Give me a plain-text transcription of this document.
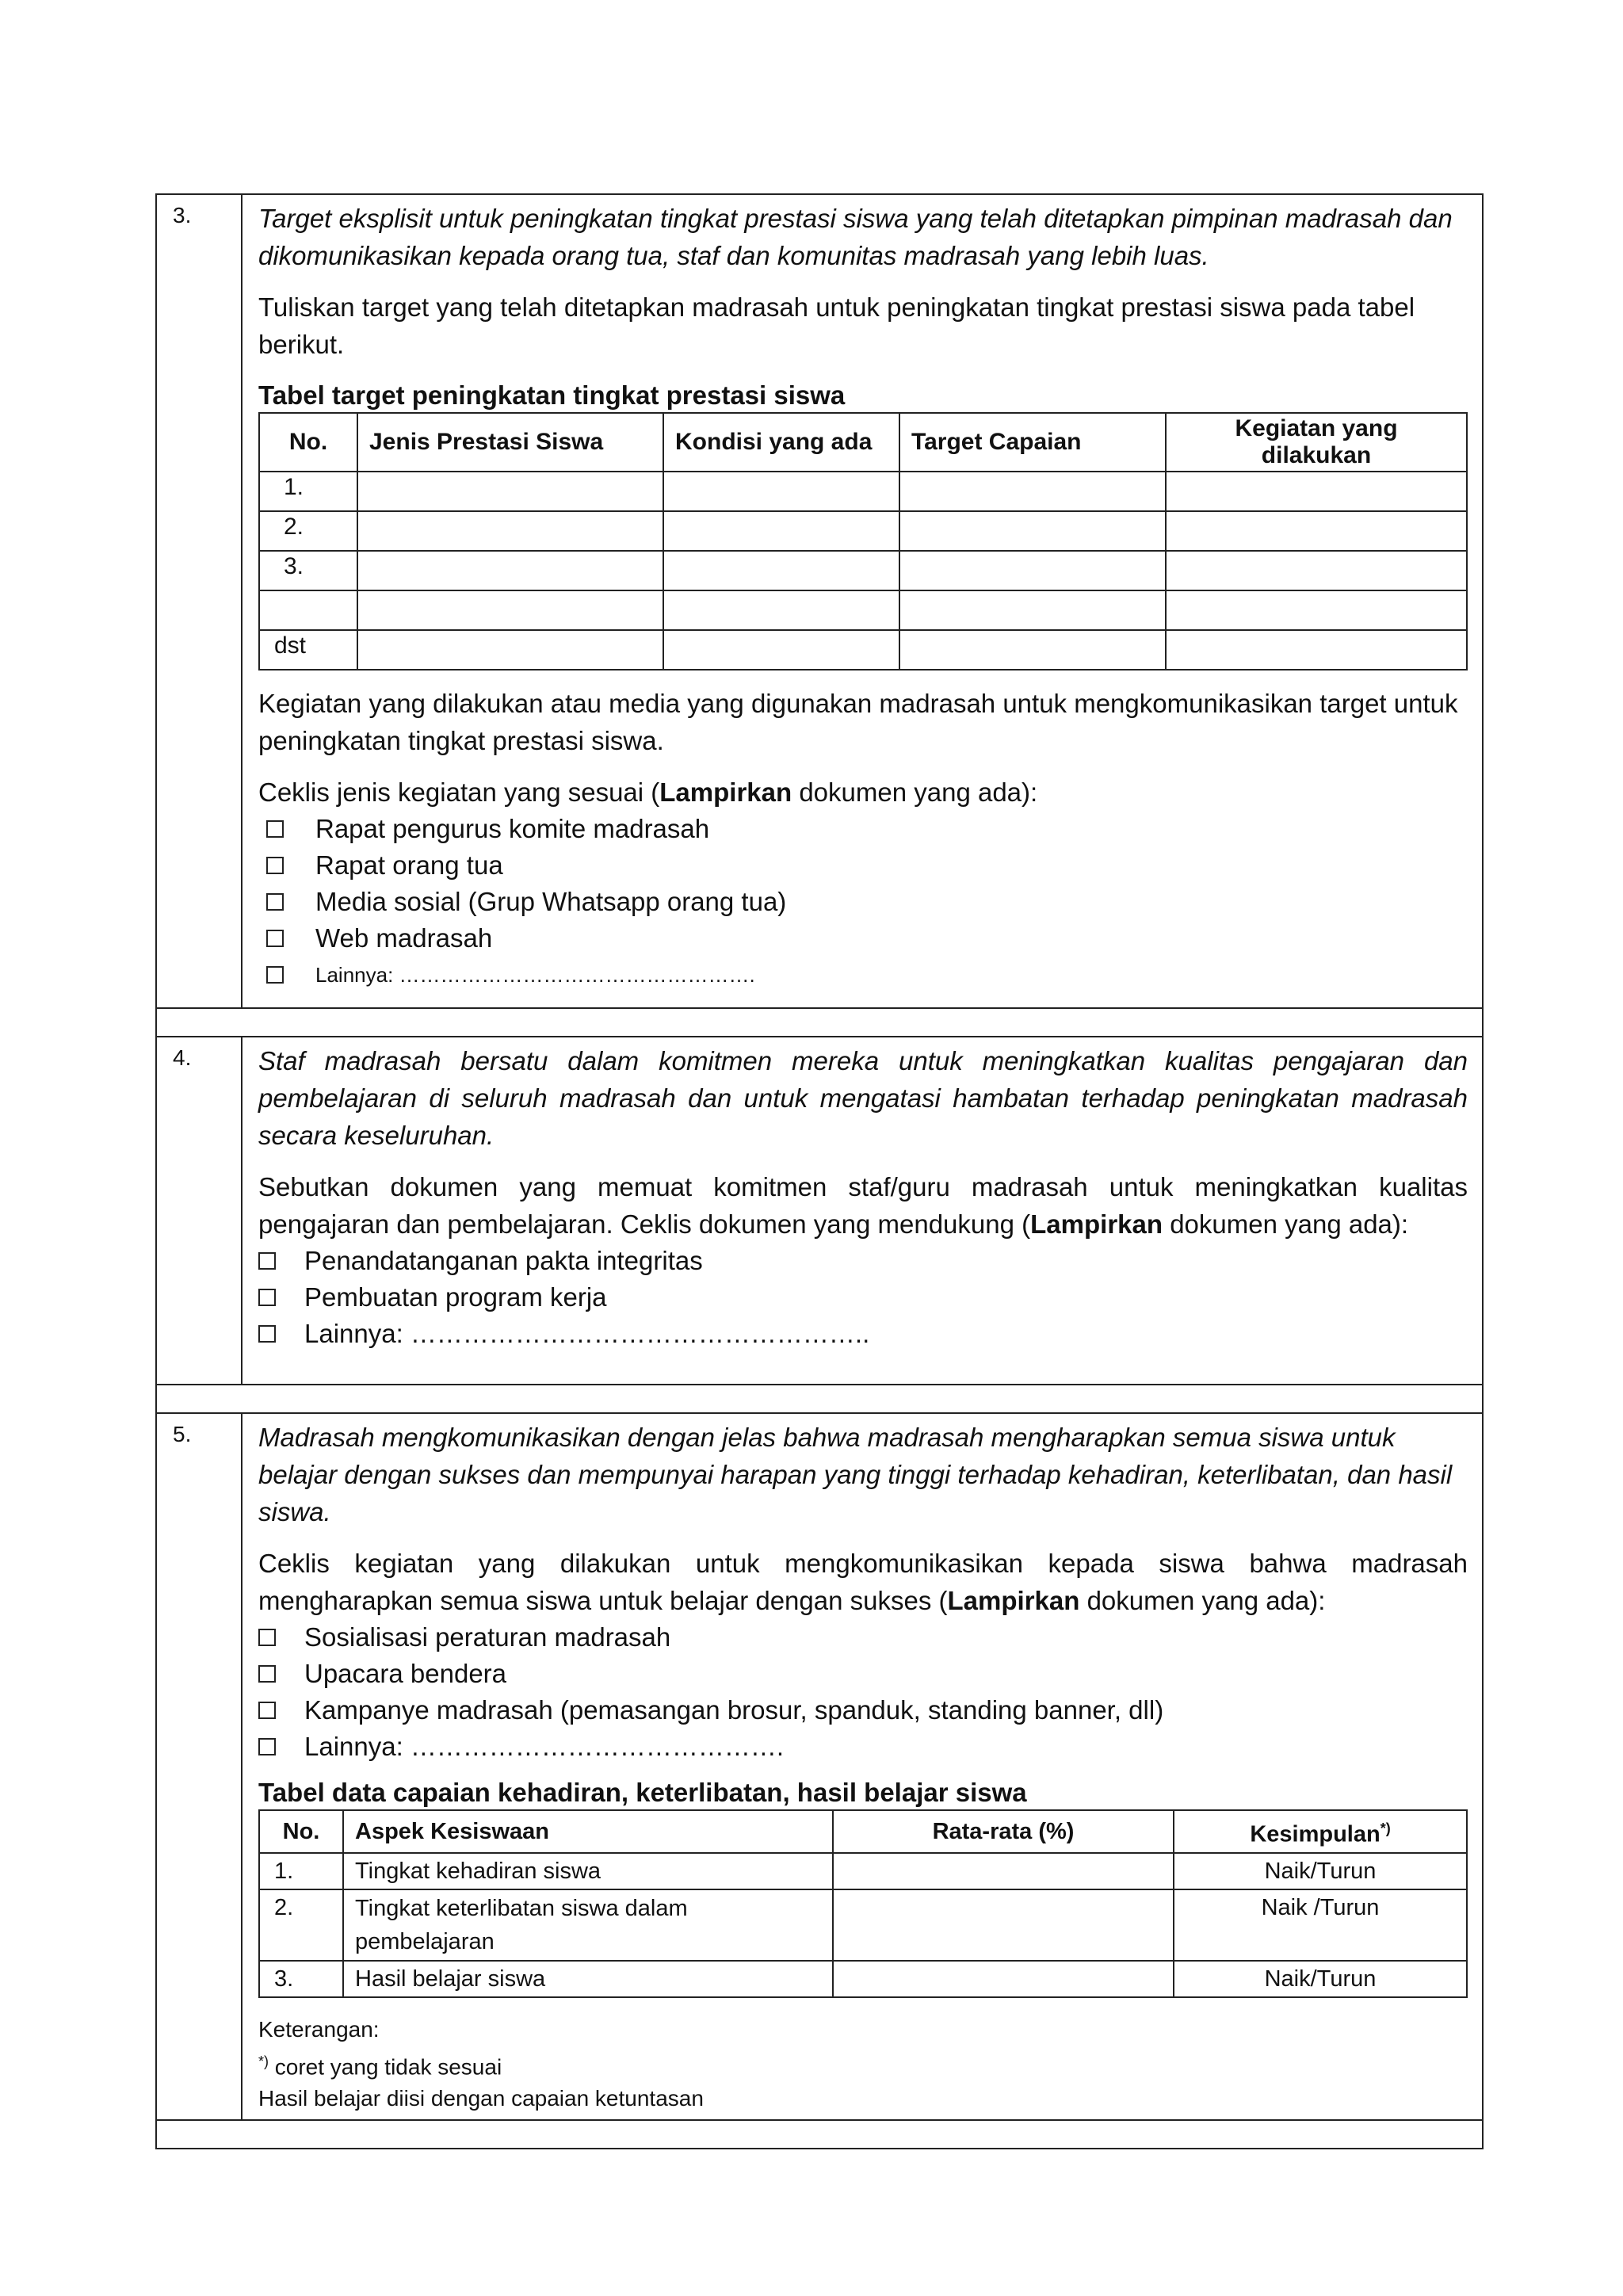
3.	Target eksplisit untuk peningkatan tingkat prestasi siswa yang telah ditetapkan pimpinan madrasah dan dikomunikasikan kepada orang tua, staf dan komunitas madrasah yang lebih luas.

Tuliskan target yang telah ditetapkan madrasah untuk peningkatan tingkat prestasi siswa pada tabel berikut.

Tabel target peningkatan tingkat prestasi siswa
No.	Jenis Prestasi Siswa	Kondisi yang ada	Target Capaian	Kegiatan yang dilakukan
1.				
2.				
3.				

dst				

Kegiatan yang dilakukan atau media yang digunakan madrasah untuk mengkomunikasikan target untuk peningkatan tingkat prestasi siswa.

Ceklis jenis kegiatan yang sesuai (Lampirkan dokumen yang ada):

Rapat pengurus komite madrasah
Rapat orang tua
Media sosial (Grup Whatsapp orang tua)
Web madrasah
Lainnya: …………………………………………….

4.	Staf madrasah bersatu dalam komitmen mereka untuk meningkatkan kualitas pengajaran dan pembelajaran di seluruh madrasah dan untuk mengatasi hambatan terhadap peningkatan madrasah secara keseluruhan.

Sebutkan dokumen yang memuat komitmen staf/guru madrasah untuk meningkatkan kualitas pengajaran dan pembelajaran. Ceklis dokumen yang mendukung (Lampirkan dokumen yang ada):

Penandatanganan pakta integritas
Pembuatan program kerja
Lainnya: ……………………………………………..

5.	Madrasah mengkomunikasikan dengan jelas bahwa madrasah mengharapkan semua siswa untuk belajar dengan sukses dan mempunyai harapan yang tinggi terhadap kehadiran, keterlibatan, dan hasil siswa.

Ceklis kegiatan yang dilakukan untuk mengkomunikasikan kepada siswa bahwa madrasah mengharapkan semua siswa untuk belajar dengan sukses (Lampirkan dokumen yang ada):

Sosialisasi peraturan madrasah
Upacara bendera
Kampanye madrasah (pemasangan brosur, spanduk, standing banner, dll)
Lainnya: …………………………………….
Tabel data capaian kehadiran, keterlibatan, hasil belajar siswa
No.	Aspek Kesiswaan	Rata-rata (%)	Kesimpulan*)
1.	Tingkat kehadiran siswa		Naik/Turun
2.	Tingkat keterlibatan siswa dalam pembelajaran		Naik /Turun
3.	Hasil belajar siswa		Naik/Turun
Keterangan:
*) coret yang tidak sesuai
Hasil belajar diisi dengan capaian ketuntasan
